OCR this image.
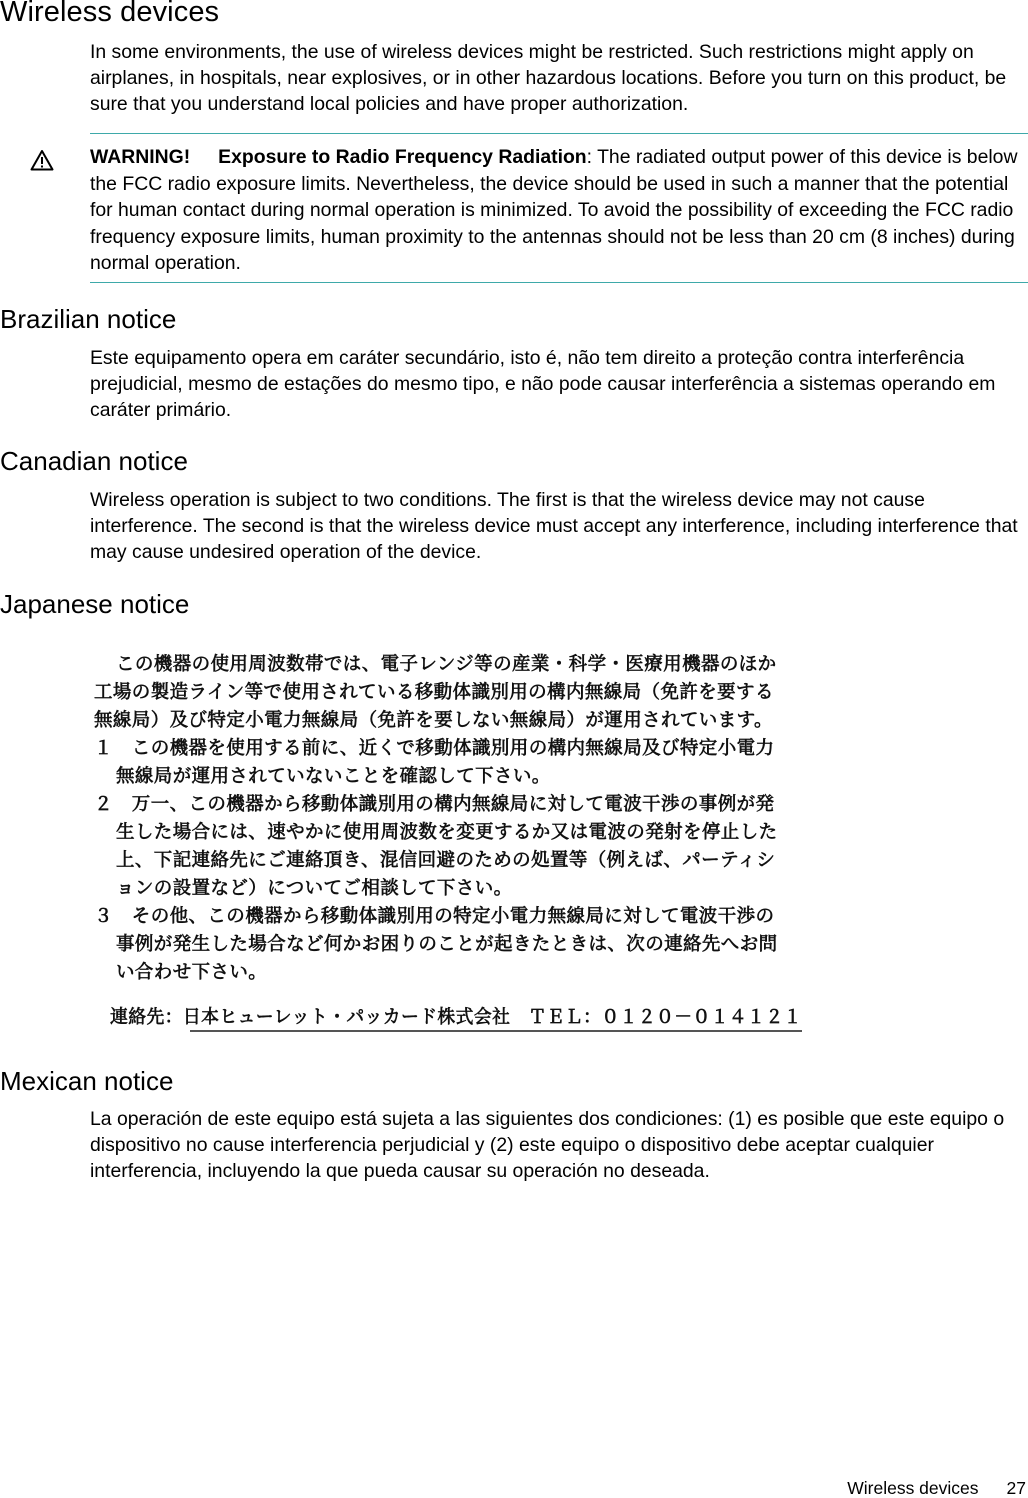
Wireless devices

In some environments, the use of wireless devices might be restricted. Such restrictions might apply on airplanes, in hospitals, near explosives, or in other hazardous locations. Before you turn on this product, be sure that you understand local policies and have proper authorization.

WARNING! Exposure to Radio Frequency Radiation: The radiated output power of this device is below the FCC radio exposure limits. Nevertheless, the device should be used in such a manner that the potential for human contact during normal operation is minimized. To avoid the possibility of exceeding the FCC radio frequency exposure limits, human proximity to the antennas should not be less than 20 cm (8 inches) during normal operation.

Brazilian notice

Este equipamento opera em caráter secundário, isto é, não tem direito a proteção contra interferência prejudicial, mesmo de estações do mesmo tipo, e não pode causar interferência a sistemas operando em caráter primário.

Canadian notice

Wireless operation is subject to two conditions. The first is that the wireless device may not cause interference. The second is that the wireless device must accept any interference, including interference that may cause undesired operation of the device.

Japanese notice
この機器の使用周波数帯では、電子レンジ等の産業・科学・医療用機器のほか
工場の製造ライン等で使用されている移動体識別用の構内無線局（免許を要する
無線局）及び特定小電力無線局（免許を要しない無線局）が運用されています。
１　この機器を使用する前に、近くで移動体識別用の構内無線局及び特定小電力
無線局が運用されていないことを確認して下さい。
２　万一、この機器から移動体識別用の構内無線局に対して電波干渉の事例が発
生した場合には、速やかに使用周波数を変更するか又は電波の発射を停止した
上、下記連絡先にご連絡頂き、混信回避のための処置等（例えば、パーティシ
ョンの設置など）についてご相談して下さい。
３　その他、この機器から移動体識別用の特定小電力無線局に対して電波干渉の
事例が発生した場合など何かお困りのことが起きたときは、次の連絡先へお問
い合わせ下さい。
連絡先：日本ヒューレット・パッカード株式会社　ＴＥＬ：０１２０－０１４１２１
Mexican notice

La operación de este equipo está sujeta a las siguientes dos condiciones: (1) es posible que este equipo o dispositivo no cause interferencia perjudicial y (2) este equipo o dispositivo debe aceptar cualquier interferencia, incluyendo la que pueda causar su operación no deseada.

Wireless devices 27
